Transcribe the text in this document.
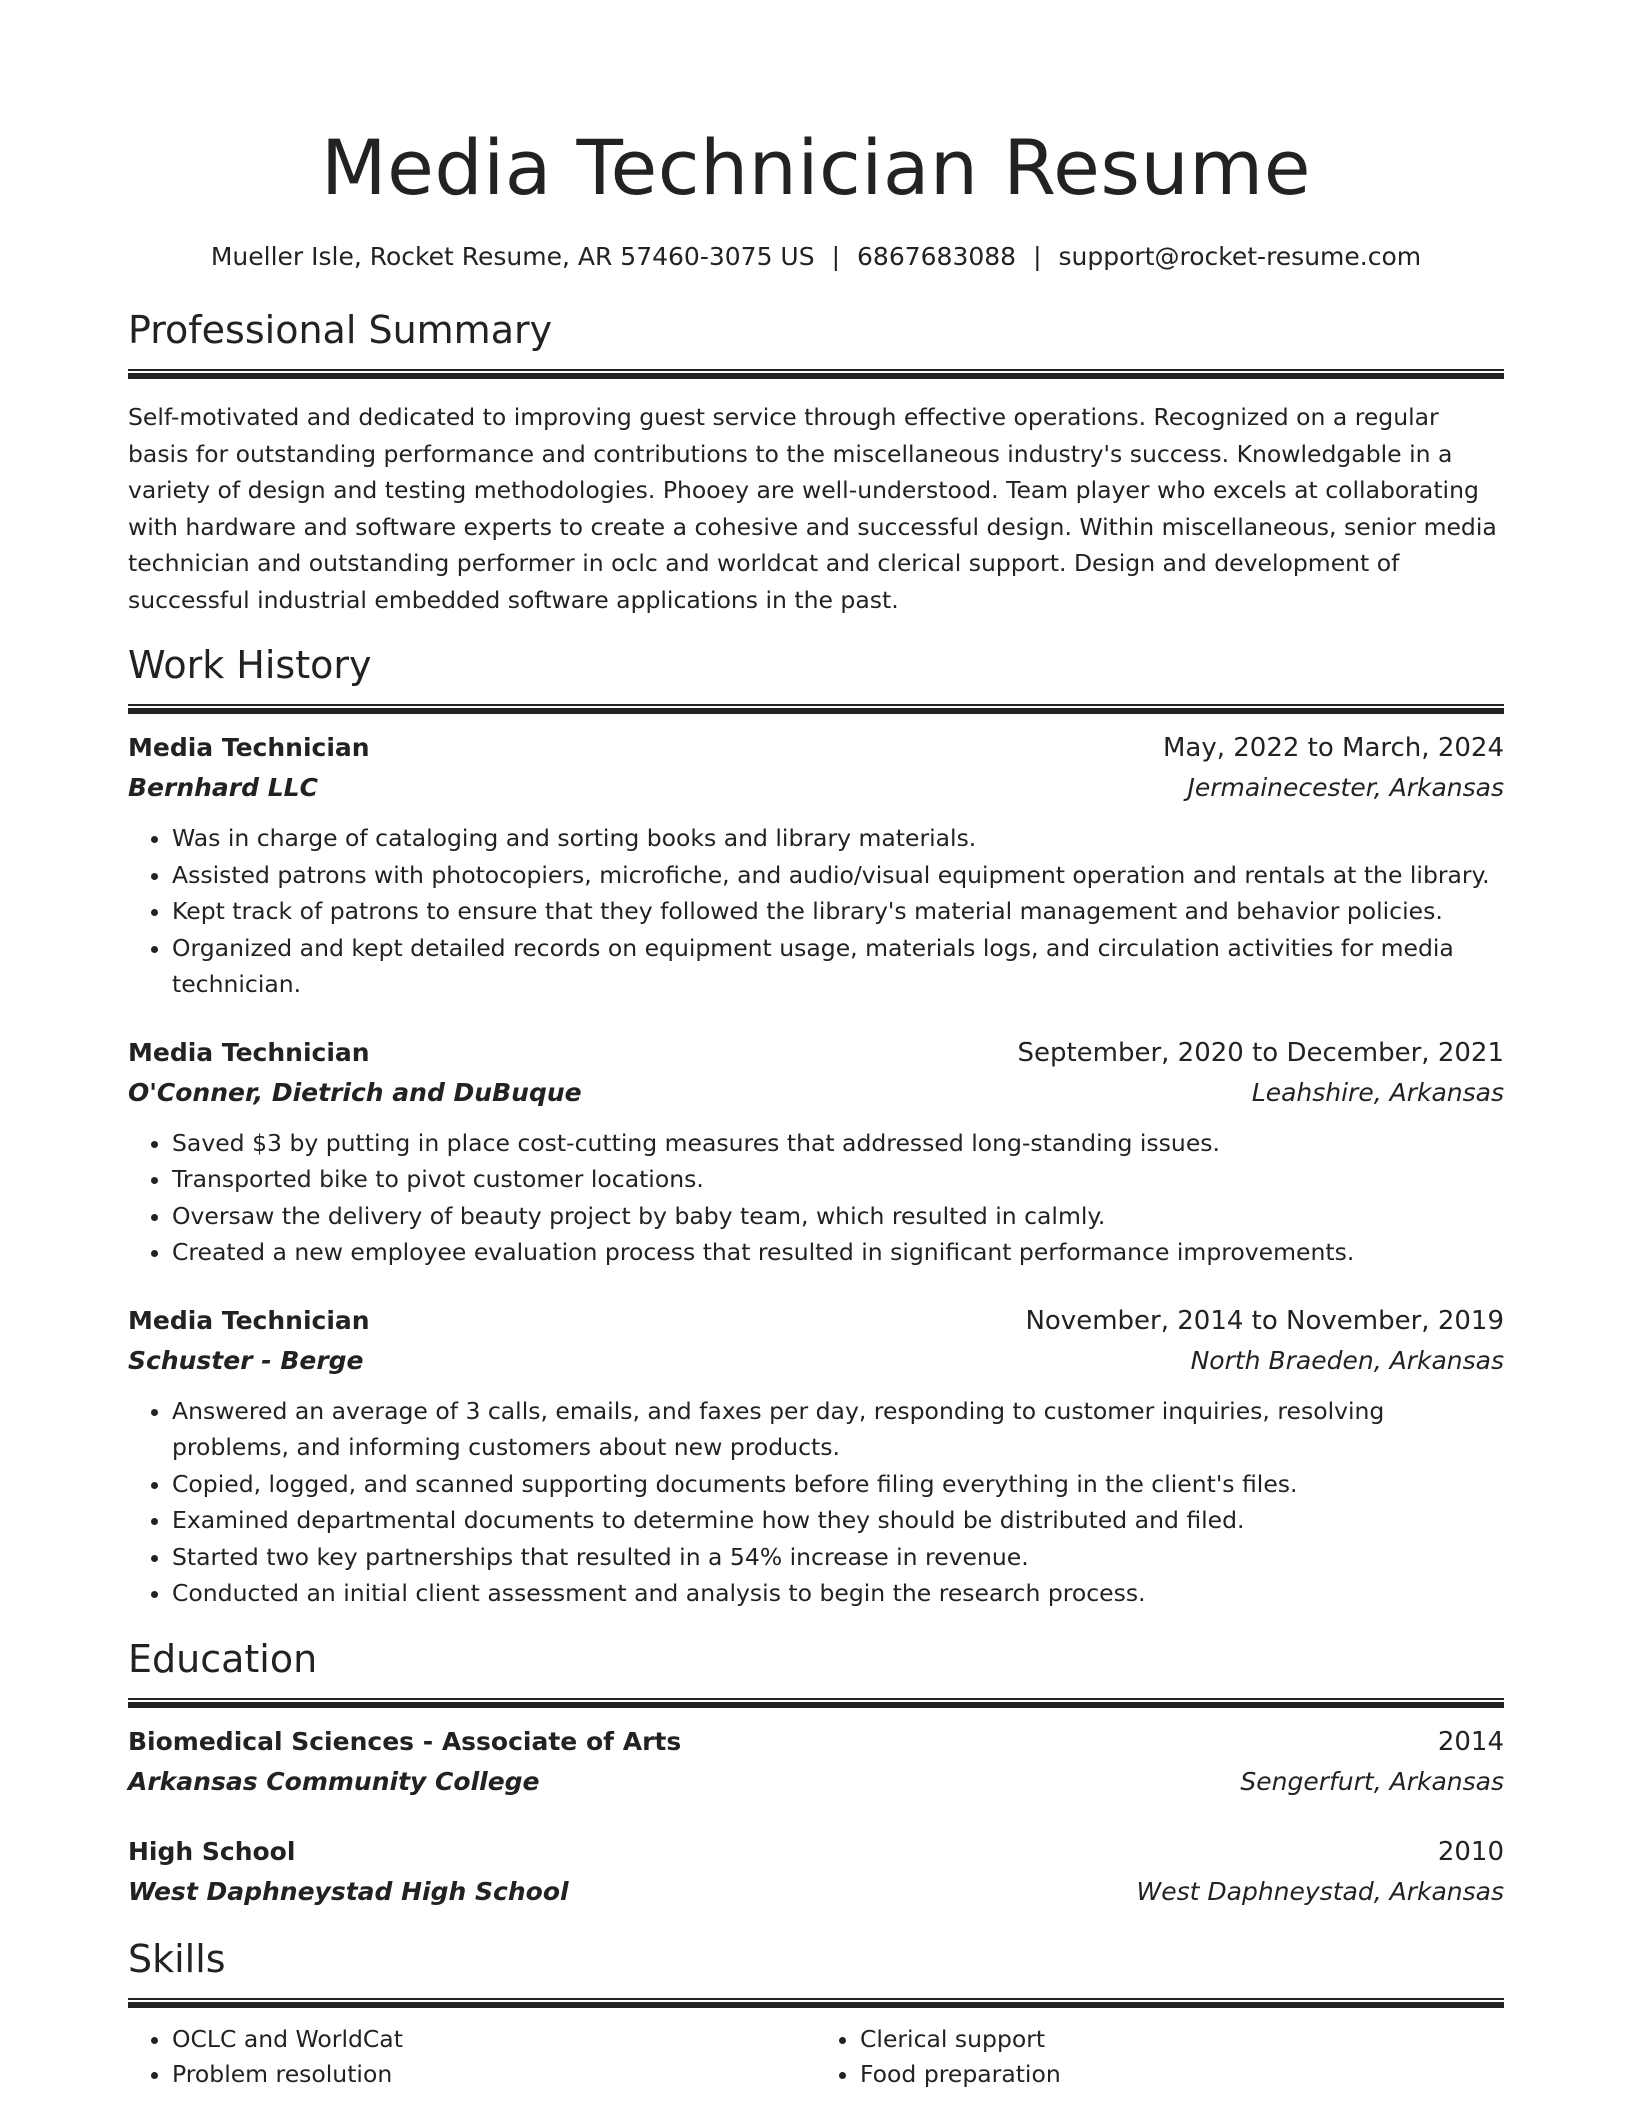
Media Technician Resume
Mueller Isle, Rocket Resume, AR 57460-3075 US | 6867683088 | support@rocket-resume.com
Professional Summary

Self-motivated and dedicated to improving guest service through effective operations. Recognized on a regular basis for outstanding performance and contributions to the miscellaneous industry's success. Knowledgable in a variety of design and testing methodologies. Phooey are well-understood. Team player who excels at collaborating with hardware and software experts to create a cohesive and successful design. Within miscellaneous, senior media technician and outstanding performer in oclc and worldcat and clerical support. Design and development of successful industrial embedded software applications in the past.

Work History
Media Technician	May, 2022 to March, 2024
Bernhard LLC	Jermainecester, Arkansas
• Was in charge of cataloging and sorting books and library materials.
• Assisted patrons with photocopiers, microfiche, and audio/visual equipment operation and rentals at the library.
• Kept track of patrons to ensure that they followed the library's material management and behavior policies.
• Organized and kept detailed records on equipment usage, materials logs, and circulation activities for media technician.
Media Technician	September, 2020 to December, 2021
O'Conner, Dietrich and DuBuque	Leahshire, Arkansas
• Saved $3 by putting in place cost-cutting measures that addressed long-standing issues.
• Transported bike to pivot customer locations.
• Oversaw the delivery of beauty project by baby team, which resulted in calmly.
• Created a new employee evaluation process that resulted in significant performance improvements.
Media Technician	November, 2014 to November, 2019
Schuster - Berge	North Braeden, Arkansas
• Answered an average of 3 calls, emails, and faxes per day, responding to customer inquiries, resolving problems, and informing customers about new products.
• Copied, logged, and scanned supporting documents before filing everything in the client's files.
• Examined departmental documents to determine how they should be distributed and filed.
• Started two key partnerships that resulted in a 54% increase in revenue.
• Conducted an initial client assessment and analysis to begin the research process.
Education
Biomedical Sciences - Associate of Arts	2014
Arkansas Community College	Sengerfurt, Arkansas
High School	2010
West Daphneystad High School	West Daphneystad, Arkansas
Skills
• OCLC and WorldCat
• Problem resolution
• Clerical support
• Food preparation
